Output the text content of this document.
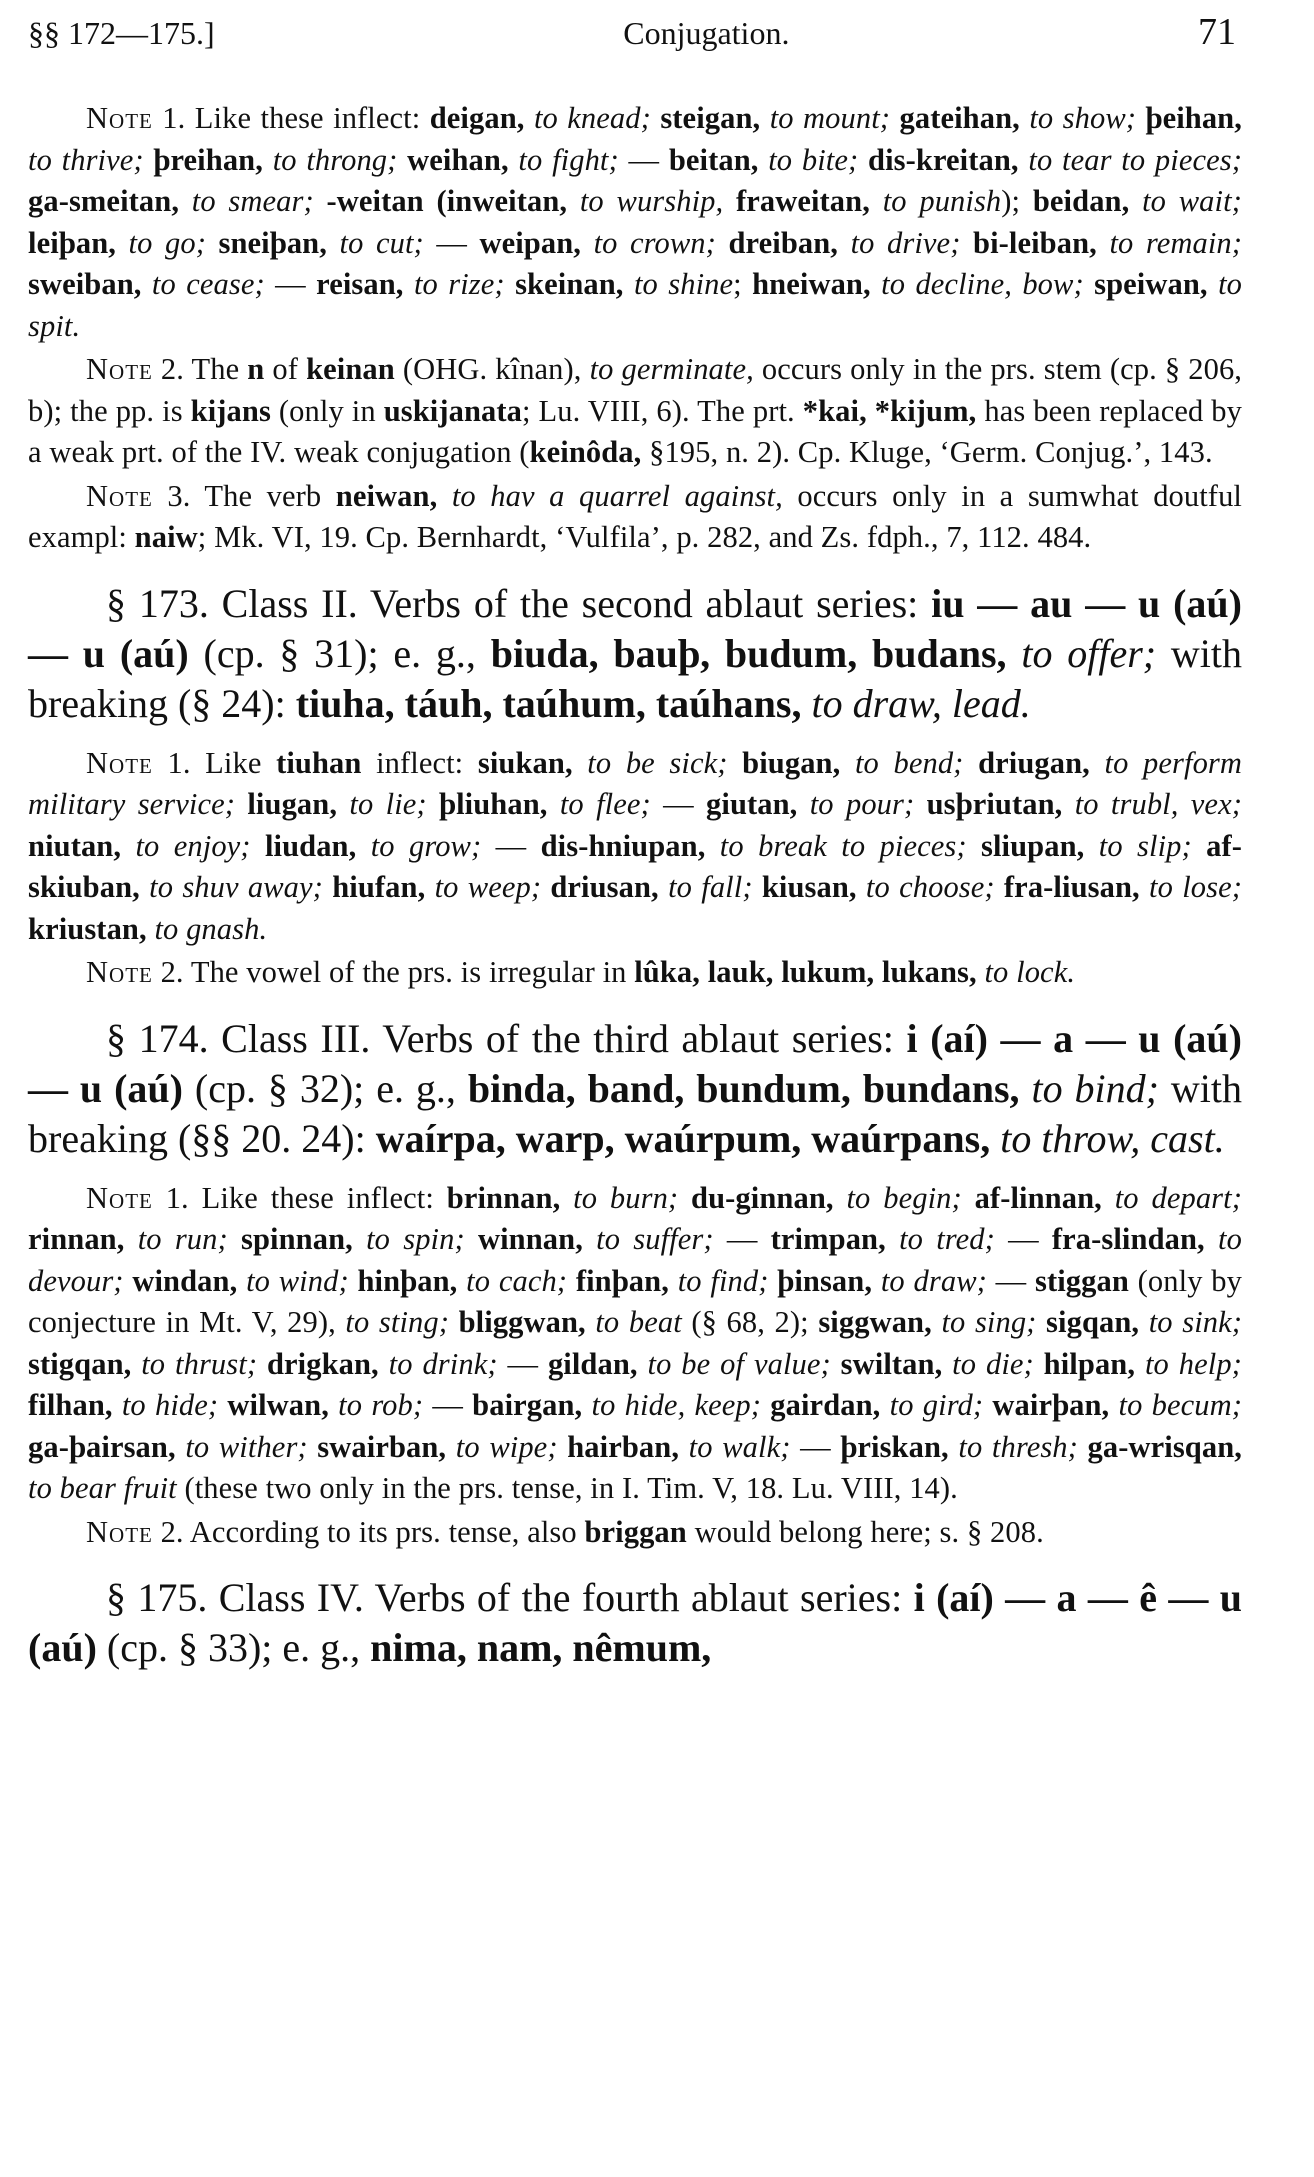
§§ 172—175.]	Conjugation.	71

Note 1. Like these inflect: deigan, to knead; steigan, to mount; gateihan, to show; þeihan, to thrive; þreihan, to throng; weihan, to fight; — beitan, to bite; dis-kreitan, to tear to pieces; ga-smeitan, to smear; -weitan (inweitan, to wurship, fraweitan, to punish); beidan, to wait; leiþan, to go; sneiþan, to cut; — weipan, to crown; dreiban, to drive; bi-leiban, to remain; sweiban, to cease; — reisan, to rize; skeinan, to shine; hneiwan, to decline, bow; speiwan, to spit.

Note 2. The n of keinan (OHG. kînan), to germinate, occurs only in the prs. stem (cp. § 206, b); the pp. is kijans (only in uskijanata; Lu. VIII, 6). The prt. *kai, *kijum, has been replaced by a weak prt. of the IV. weak conjugation (keinôda, §195, n. 2). Cp. Kluge, ‘Germ. Conjug.’, 143.

Note 3. The verb neiwan, to hav a quarrel against, occurs only in a sumwhat doutful exampl: naiw; Mk. VI, 19. Cp. Bernhardt, ‘Vulfila’, p. 282, and Zs. fdph., 7, 112. 484.

§ 173. Class II. Verbs of the second ablaut series: iu — au — u (aú) — u (aú) (cp. § 31); e. g., biuda, bauþ, budum, budans, to offer; with breaking (§ 24): tiuha, táuh, taúhum, taúhans, to draw, lead.

Note 1. Like tiuhan inflect: siukan, to be sick; biugan, to bend; driugan, to perform military service; liugan, to lie; þliuhan, to flee; — giutan, to pour; usþriutan, to trubl, vex; niutan, to enjoy; liudan, to grow; — dis-hniupan, to break to pieces; sliupan, to slip; af-skiuban, to shuv away; hiufan, to weep; driusan, to fall; kiusan, to choose; fra-liusan, to lose; kriustan, to gnash.

Note 2. The vowel of the prs. is irregular in lûka, lauk, lukum, lukans, to lock.

§ 174. Class III. Verbs of the third ablaut series: i (aí) — a — u (aú) — u (aú) (cp. § 32); e. g., binda, band, bundum, bundans, to bind; with breaking (§§ 20. 24): waírpa, warp, waúrpum, waúrpans, to throw, cast.

Note 1. Like these inflect: brinnan, to burn; du-ginnan, to begin; af-linnan, to depart; rinnan, to run; spinnan, to spin; winnan, to suffer; — trimpan, to tred; — fra-slindan, to devour; windan, to wind; hinþan, to cach; finþan, to find; þinsan, to draw; — stiggan (only by conjecture in Mt. V, 29), to sting; bliggwan, to beat (§ 68, 2); siggwan, to sing; sigqan, to sink; stigqan, to thrust; drigkan, to drink; — gildan, to be of value; swiltan, to die; hilpan, to help; filhan, to hide; wilwan, to rob; — bairgan, to hide, keep; gairdan, to gird; wairþan, to becum; ga-þairsan, to wither; swairban, to wipe; hairban, to walk; — þriskan, to thresh; ga-wrisqan, to bear fruit (these two only in the prs. tense, in I. Tim. V, 18. Lu. VIII, 14).

Note 2. According to its prs. tense, also briggan would belong here; s. § 208.

§ 175. Class IV. Verbs of the fourth ablaut series: i (aí) — a — ê — u (aú) (cp. § 33); e. g., nima, nam, nêmum,
